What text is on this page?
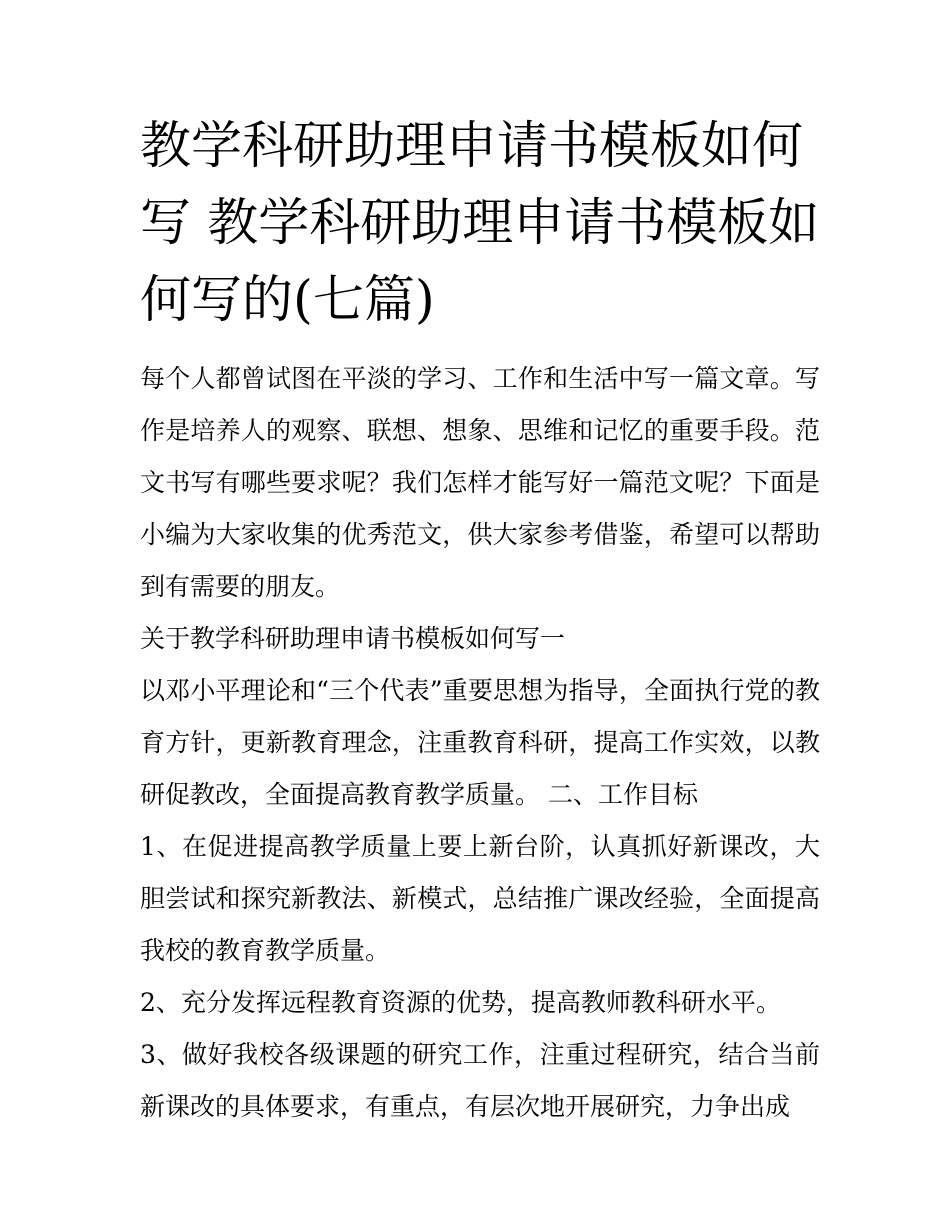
教学科研助理申请书模板如何写 教学科研助理申请书模板如何写的(七篇)

每个人都曾试图在平淡的学习、工作和生活中写一篇文章。写作是培养人的观察、联想、想象、思维和记忆的重要手段。范文书写有哪些要求呢？我们怎样才能写好一篇范文呢？下面是小编为大家收集的优秀范文，供大家参考借鉴，希望可以帮助到有需要的朋友。

关于教学科研助理申请书模板如何写一

以邓小平理论和“三个代表”重要思想为指导，全面执行党的教育方针，更新教育理念，注重教育科研，提高工作实效，以教研促教改，全面提高教育教学质量。 二、工作目标

1、在促进提高教学质量上要上新台阶，认真抓好新课改，大胆尝试和探究新教法、新模式，总结推广课改经验，全面提高我校的教育教学质量。

2、充分发挥远程教育资源的优势，提高教师教科研水平。

3、做好我校各级课题的研究工作，注重过程研究，结合当前新课改的具体要求，有重点，有层次地开展研究，力争出成
